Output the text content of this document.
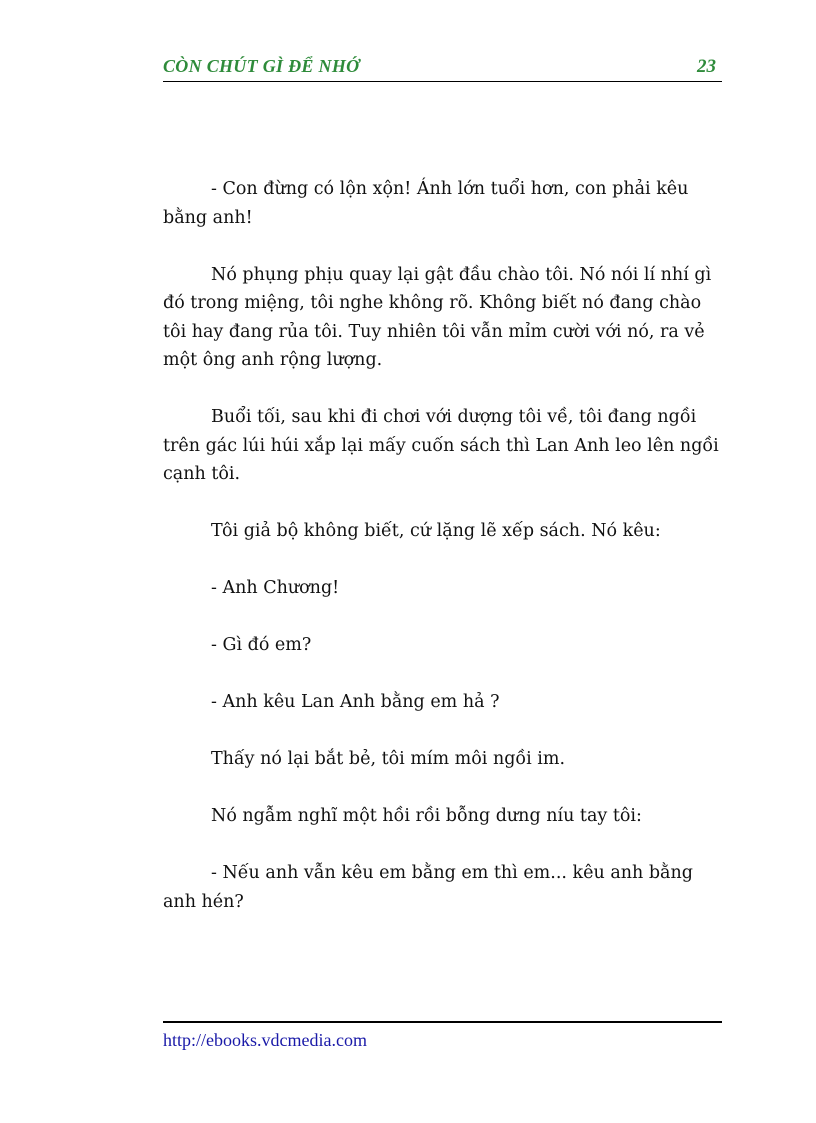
CÒN CHÚT GÌ ĐỂ NHỚ	23

- Con đừng có lộn xộn! Ánh lớn tuổi hơn, con phải kêu bằng anh!

Nó phụng phịu quay lại gật đầu chào tôi. Nó nói lí nhí gì đó trong miệng, tôi nghe không rõ. Không biết nó đang chào tôi hay đang rủa tôi. Tuy nhiên tôi vẫn mỉm cười với nó, ra vẻ một ông anh rộng lượng.

Buổi tối, sau khi đi chơi với dượng tôi về, tôi đang ngồi trên gác lúi húi xắp lại mấy cuốn sách thì Lan Anh leo lên ngồi cạnh tôi.

Tôi giả bộ không biết, cứ lặng lẽ xếp sách. Nó kêu:

- Anh Chương!

- Gì đó em?

- Anh kêu Lan Anh bằng em hả ?

Thấy nó lại bắt bẻ, tôi mím môi ngồi im.

Nó ngẫm nghĩ một hồi rồi bỗng dưng níu tay tôi:

- Nếu anh vẫn kêu em bằng em thì em... kêu anh bằng anh hén?

http://ebooks.vdcmedia.com
